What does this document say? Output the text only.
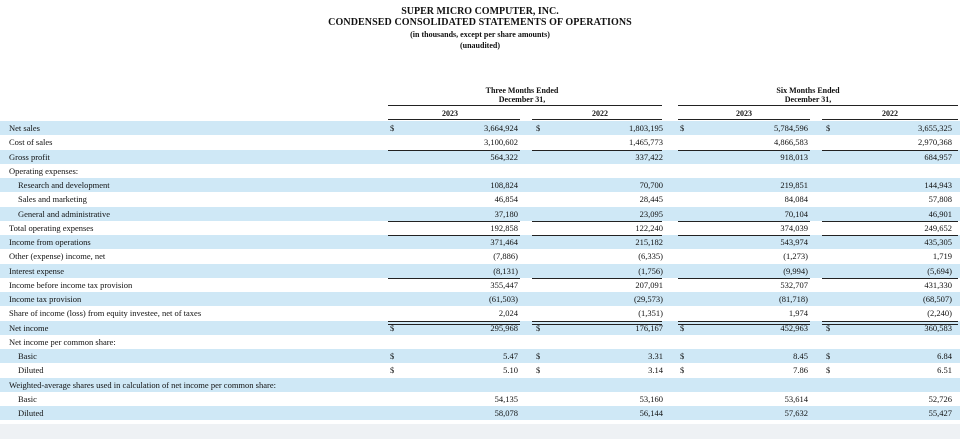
SUPER MICRO COMPUTER, INC.
CONDENSED CONSOLIDATED STATEMENTS OF OPERATIONS
(in thousands, except per share amounts)
(unaudited)
Three Months Ended
December 31,
Six Months Ended
December 31,
2023	2022	2023	2022
Net sales	$	3,664,924 $	1,803,195 $	5,784,596 $	3,655,325
Cost of sales	3,100,602	1,465,773	4,866,583	2,970,368
Gross profit	564,322	337,422	918,013	684,957
Operating expenses:
Research and development	108,824	70,700	219,851	144,943
Sales and marketing	46,854	28,445	84,084	57,808
General and administrative	37,180	23,095	70,104	46,901
Total operating expenses	192,858	122,240	374,039	249,652
Income from operations	371,464	215,182	543,974	435,305
Other (expense) income, net	(7,886)	(6,335)	(1,273)	1,719
Interest expense	(8,131)	(1,756)	(9,994)	(5,694)
Income before income tax provision	355,447	207,091	532,707	431,330
Income tax provision	(61,503)	(29,573)	(81,718)	(68,507)
Share of income (loss) from equity investee, net of taxes	2,024	(1,351)	1,974	(2,240)
Net income	$	295,968 $	176,167 $	452,963 $	360,583
Net income per common share:
Basic	$	5.47 $	3.31 $	8.45 $	6.84
Diluted	$	5.10 $	3.14 $	7.86 $	6.51
Weighted-average shares used in calculation of net income per common share:
Basic	54,135	53,160	53,614	52,726
Diluted	58,078	56,144	57,632	55,427
